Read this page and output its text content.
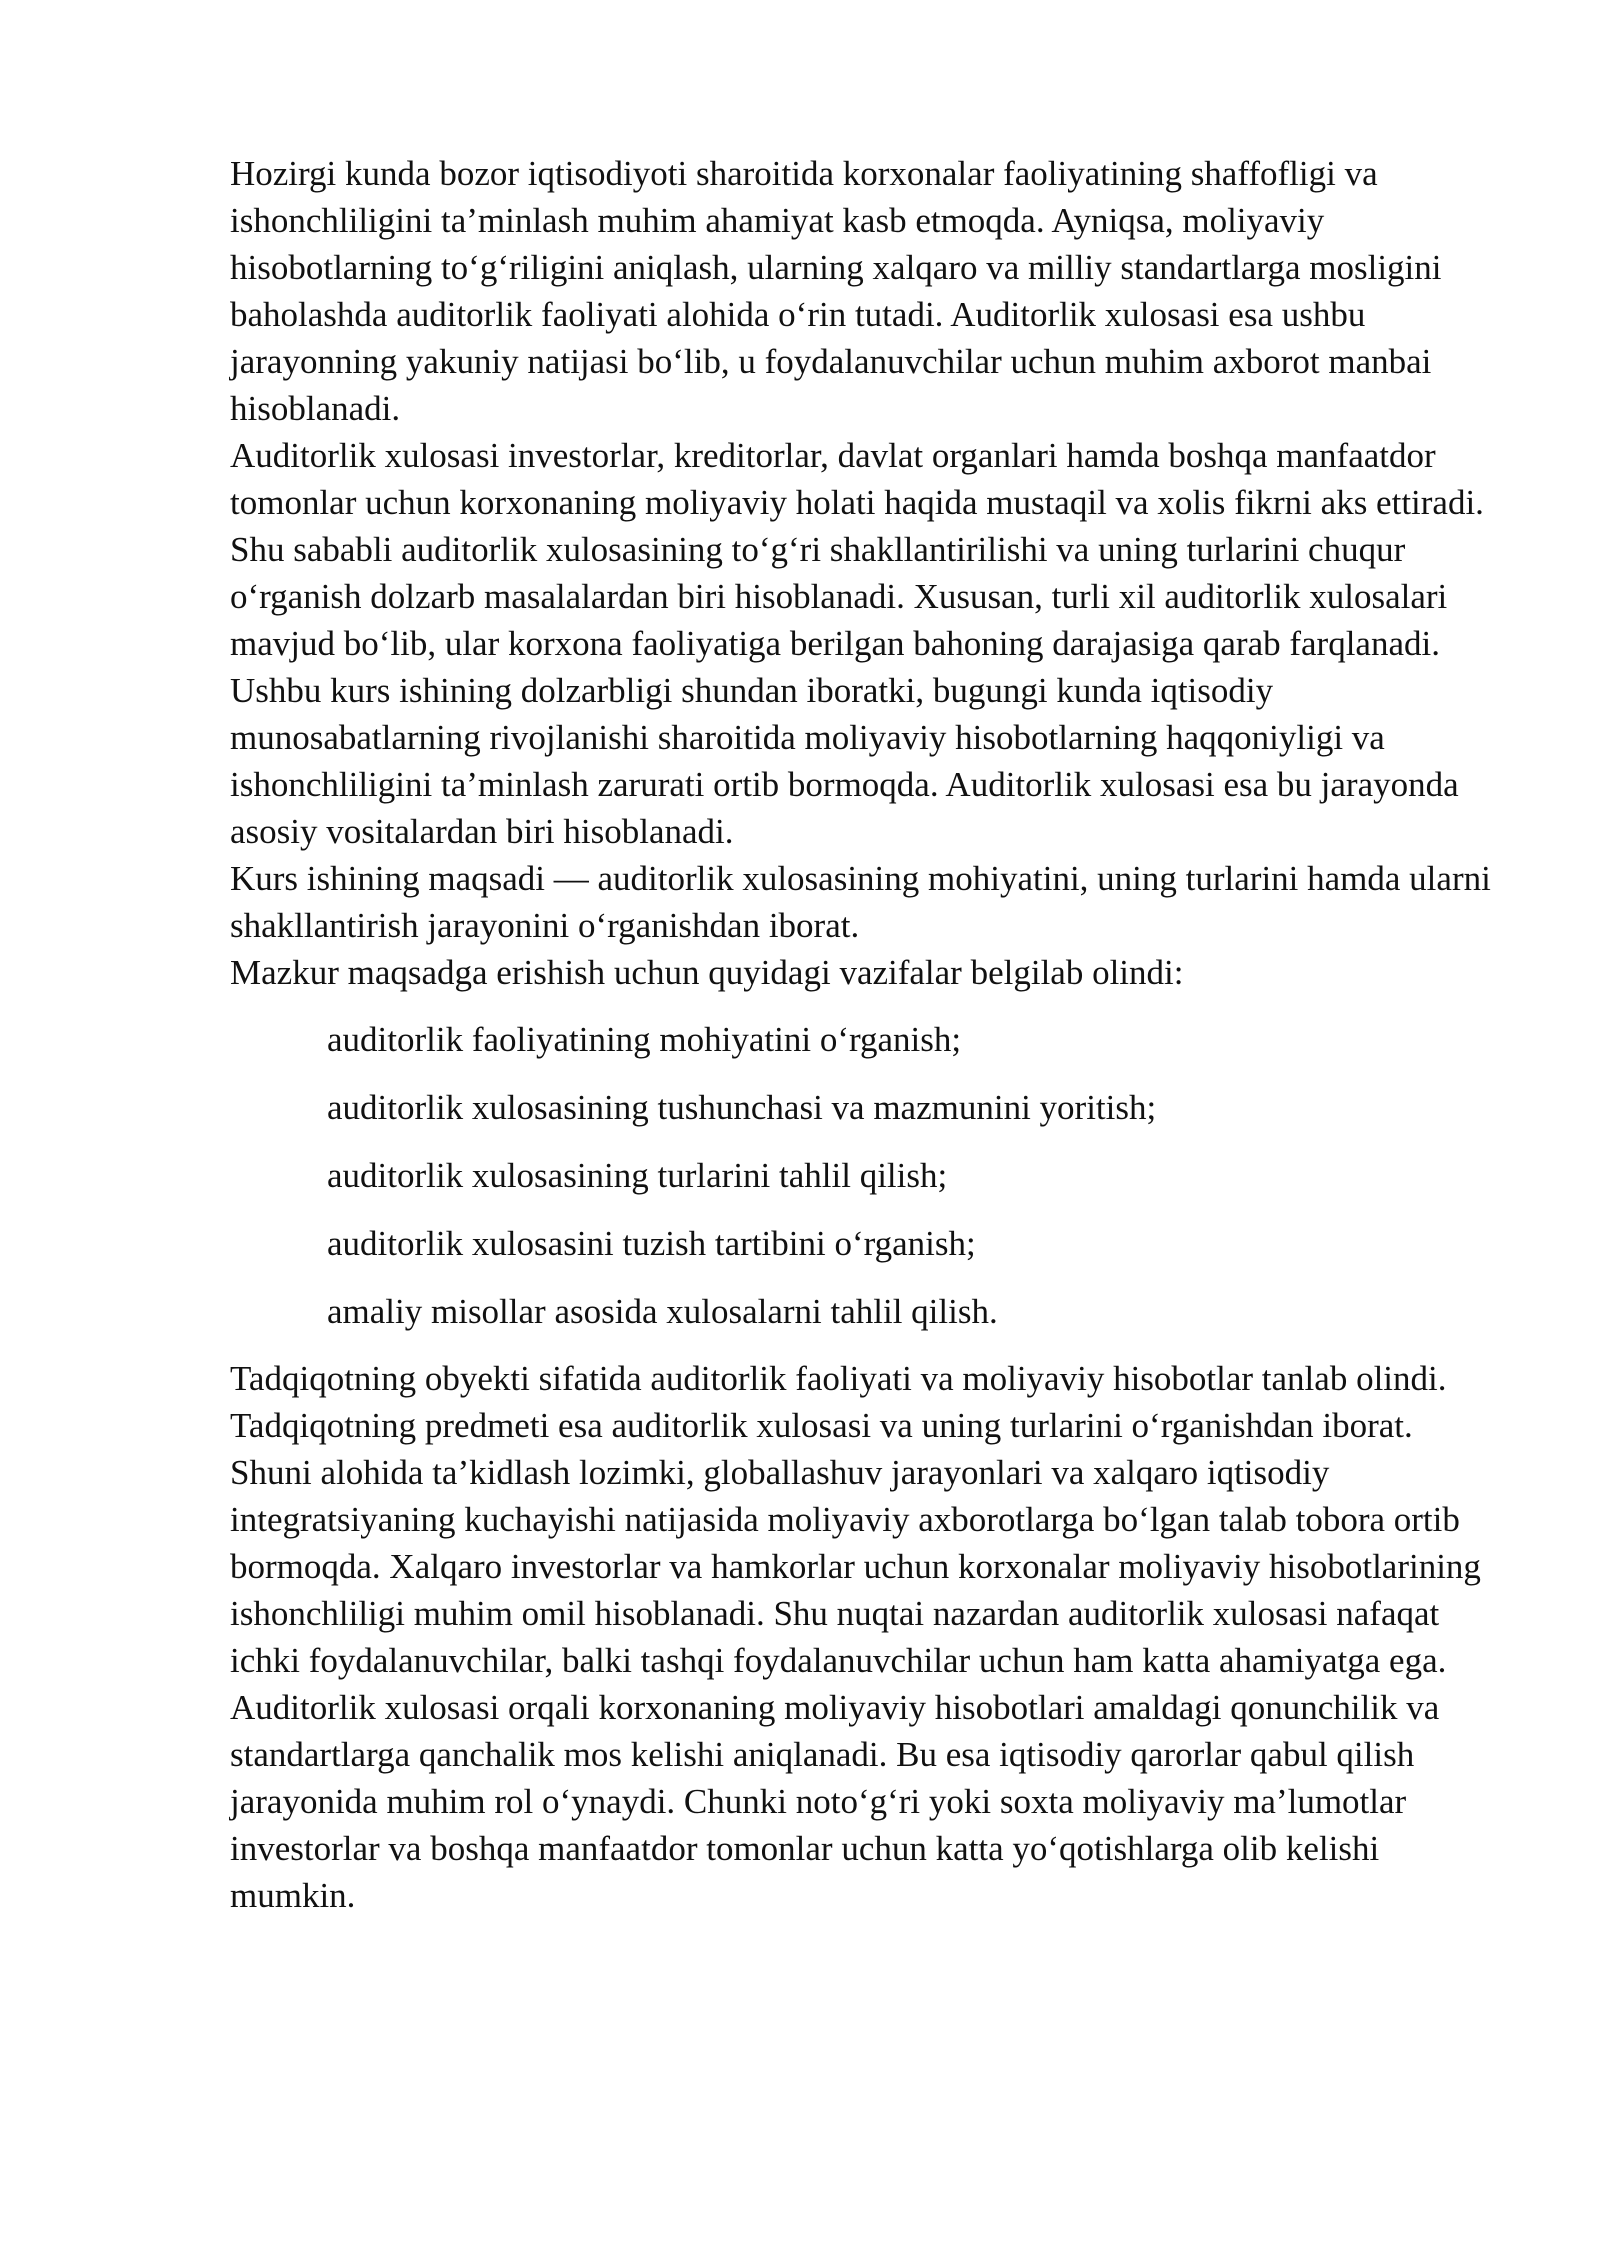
Hozirgi kunda bozor iqtisodiyoti sharoitida korxonalar faoliyatining shaffofligi va ishonchliligini ta’minlash muhim ahamiyat kasb etmoqda. Ayniqsa, moliyaviy hisobotlarning to‘g‘riligini aniqlash, ularning xalqaro va milliy standartlarga mosligini baholashda auditorlik faoliyati alohida o‘rin tutadi. Auditorlik xulosasi esa ushbu jarayonning yakuniy natijasi bo‘lib, u foydalanuvchilar uchun muhim axborot manbai hisoblanadi.

Auditorlik xulosasi investorlar, kreditorlar, davlat organlari hamda boshqa manfaatdor tomonlar uchun korxonaning moliyaviy holati haqida mustaqil va xolis fikrni aks ettiradi. Shu sababli auditorlik xulosasining to‘g‘ri shakllantirilishi va uning turlarini chuqur o‘rganish dolzarb masalalardan biri hisoblanadi. Xususan, turli xil auditorlik xulosalari mavjud bo‘lib, ular korxona faoliyatiga berilgan bahoning darajasiga qarab farqlanadi.

Ushbu kurs ishining dolzarbligi shundan iboratki, bugungi kunda iqtisodiy munosabatlarning rivojlanishi sharoitida moliyaviy hisobotlarning haqqoniyligi va ishonchliligini ta’minlash zarurati ortib bormoqda. Auditorlik xulosasi esa bu jarayonda asosiy vositalardan biri hisoblanadi.

Kurs ishining maqsadi — auditorlik xulosasining mohiyatini, uning turlarini hamda ularni shakllantirish jarayonini o‘rganishdan iborat.

Mazkur maqsadga erishish uchun quyidagi vazifalar belgilab olindi:

auditorlik faoliyatining mohiyatini o‘rganish;
auditorlik xulosasining tushunchasi va mazmunini yoritish;
auditorlik xulosasining turlarini tahlil qilish;
auditorlik xulosasini tuzish tartibini o‘rganish;
amaliy misollar asosida xulosalarni tahlil qilish.

Tadqiqotning obyekti sifatida auditorlik faoliyati va moliyaviy hisobotlar tanlab olindi.

Tadqiqotning predmeti esa auditorlik xulosasi va uning turlarini o‘rganishdan iborat.

Shuni alohida ta’kidlash lozimki, globallashuv jarayonlari va xalqaro iqtisodiy integratsiyaning kuchayishi natijasida moliyaviy axborotlarga bo‘lgan talab tobora ortib bormoqda. Xalqaro investorlar va hamkorlar uchun korxonalar moliyaviy hisobotlarining ishonchliligi muhim omil hisoblanadi. Shu nuqtai nazardan auditorlik xulosasi nafaqat ichki foydalanuvchilar, balki tashqi foydalanuvchilar uchun ham katta ahamiyatga ega.

Auditorlik xulosasi orqali korxonaning moliyaviy hisobotlari amaldagi qonunchilik va standartlarga qanchalik mos kelishi aniqlanadi. Bu esa iqtisodiy qarorlar qabul qilish jarayonida muhim rol o‘ynaydi. Chunki noto‘g‘ri yoki soxta moliyaviy ma’lumotlar investorlar va boshqa manfaatdor tomonlar uchun katta yo‘qotishlarga olib kelishi mumkin.
